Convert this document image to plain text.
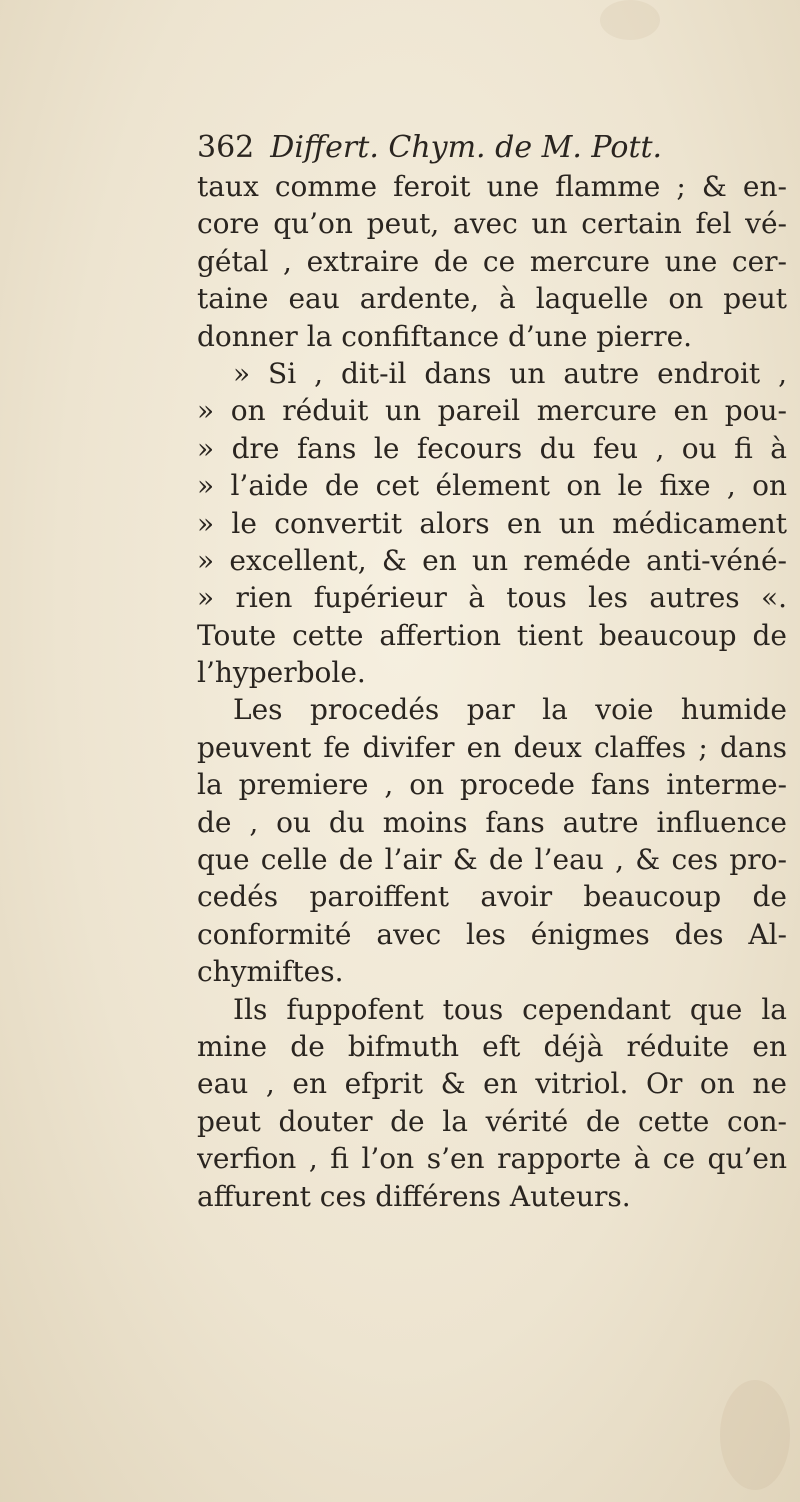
362 Differt. Chym. de M. Pott.
taux comme feroit une flamme ; & en-
core qu’on peut, avec un certain fel vé-
gétal , extraire de ce mercure une cer-
taine eau ardente, à laquelle on peut
donner la confiftance d’une pierre.
» Si , dit-il dans un autre endroit ,
» on réduit un pareil mercure en pou-
» dre fans le fecours du feu , ou fi à
» l’aide de cet élement on le fixe , on
» le convertit alors en un médicament
» excellent, & en un reméde anti-véné-
» rien fupérieur à tous les autres «.
Toute cette affertion tient beaucoup de
l’hyperbole.
Les procedés par la voie humide
peuvent fe divifer en deux claffes ; dans
la premiere , on procede fans interme-
de , ou du moins fans autre influence
que celle de l’air & de l’eau , & ces pro-
cedés paroiffent avoir beaucoup de
conformité avec les énigmes des Al-
chymiftes.
Ils fuppofent tous cependant que la
mine de bifmuth eft déjà réduite en
eau , en efprit & en vitriol. Or on ne
peut douter de la vérité de cette con-
verfion , fi l’on s’en rapporte à ce qu’en
affurent ces différens Auteurs.
